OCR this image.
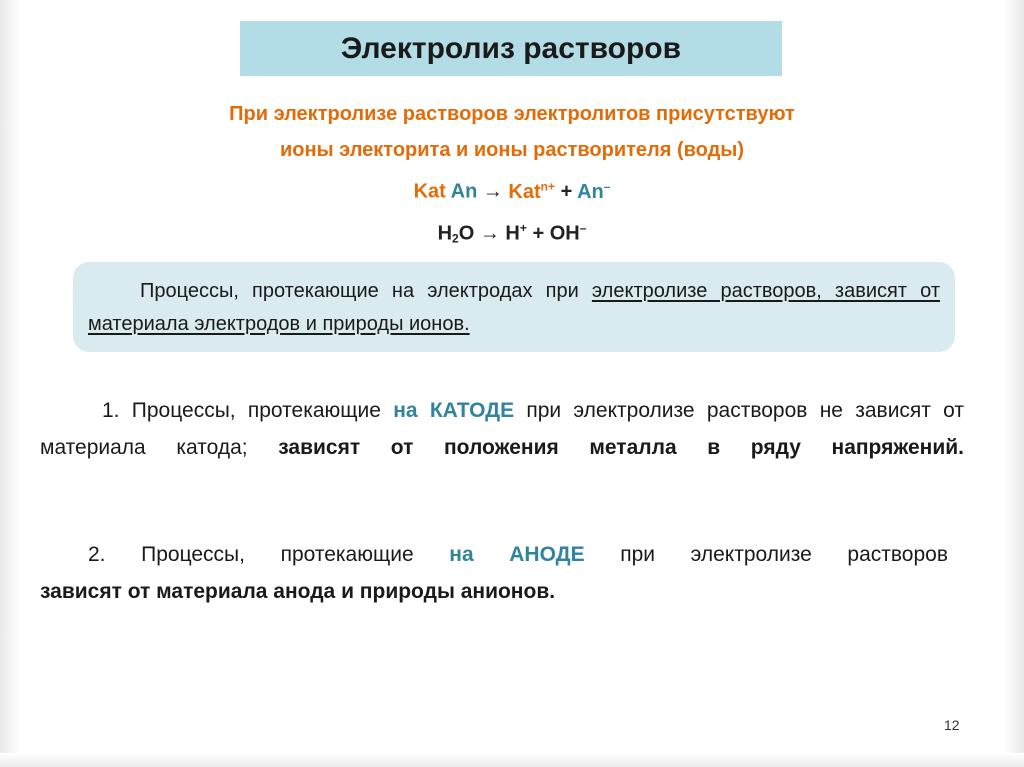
Электролиз растворов
При электролизе растворов электролитов присутствуют
ионы электорита и ионы растворителя (воды)
Kat An → Kat$^{n+}$ + An–
$H_2O \to H^+ + OH^-$
Процессы, протекающие на электродах при электролизе растворов, зависят от материала электродов и природы ионов.
1. Процессы, протекающие на КАТОДЕ при электролизе растворов не зависят от материала катода; зависят от положения металла в ряду напряжений.
2. Процессы, протекающие на АНОДЕ при электролизе растворов
зависят от материала анода и природы анионов.
12
